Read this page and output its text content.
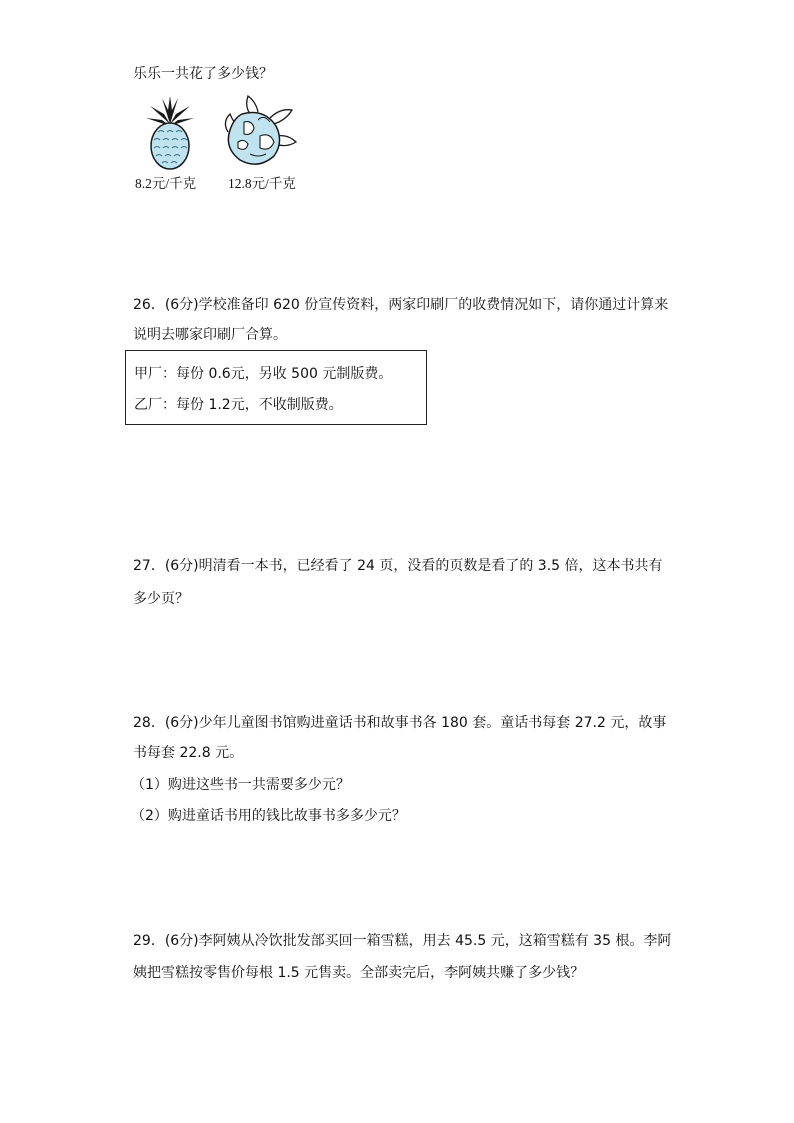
乐乐一共花了多少钱？
8.2元/千克 12.8元/千克
26．(6分)学校准备印 620 份宣传资料，两家印刷厂的收费情况如下，请你通过计算来
说明去哪家印刷厂合算。
甲厂：每份 0.6元，另收 500 元制版费。
乙厂：每份 1.2元，不收制版费。
27．(6分)明清看一本书，已经看了 24 页，没看的页数是看了的 3.5 倍，这本书共有
多少页？
28．(6分)少年儿童图书馆购进童话书和故事书各 180 套。童话书每套 27.2 元，故事
书每套 22.8 元。
（1）购进这些书一共需要多少元？
（2）购进童话书用的钱比故事书多多少元？
29．(6分)李阿姨从冷饮批发部买回一箱雪糕，用去 45.5 元，这箱雪糕有 35 根。李阿
姨把雪糕按零售价每根 1.5 元售卖。全部卖完后，李阿姨共赚了多少钱？
